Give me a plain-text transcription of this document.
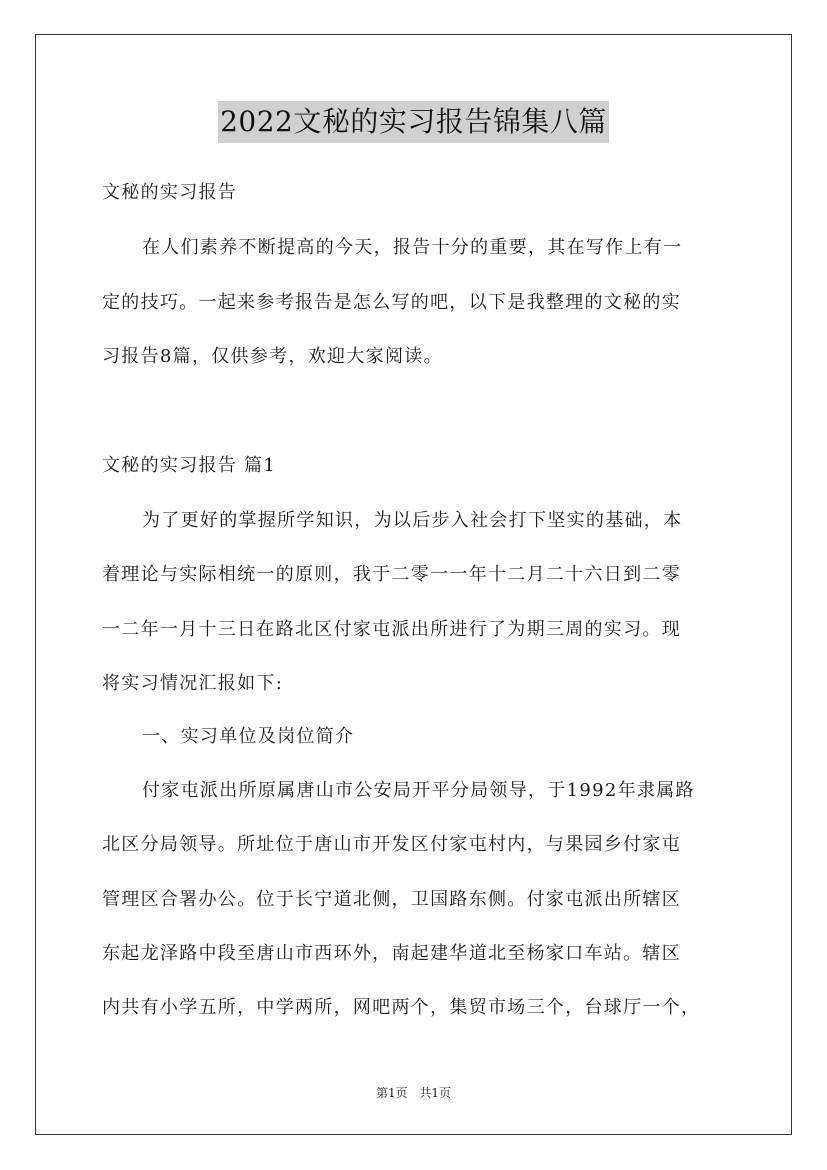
2022文秘的实习报告锦集八篇
文秘的实习报告
在人们素养不断提高的今天，报告十分的重要，其在写作上有一
定的技巧。一起来参考报告是怎么写的吧，以下是我整理的文秘的实
习报告8篇，仅供参考，欢迎大家阅读。
文秘的实习报告 篇1
为了更好的掌握所学知识，为以后步入社会打下坚实的基础，本
着理论与实际相统一的原则，我于二零一一年十二月二十六日到二零
一二年一月十三日在路北区付家屯派出所进行了为期三周的实习。现
将实习情况汇报如下:
一、实习单位及岗位简介
付家屯派出所原属唐山市公安局开平分局领导，于1992年隶属路
北区分局领导。所址位于唐山市开发区付家屯村内，与果园乡付家屯
管理区合署办公。位于长宁道北侧，卫国路东侧。付家屯派出所辖区
东起龙泽路中段至唐山市西环外，南起建华道北至杨家口车站。辖区
内共有小学五所，中学两所，网吧两个，集贸市场三个，台球厅一个，
第1页 共1页
